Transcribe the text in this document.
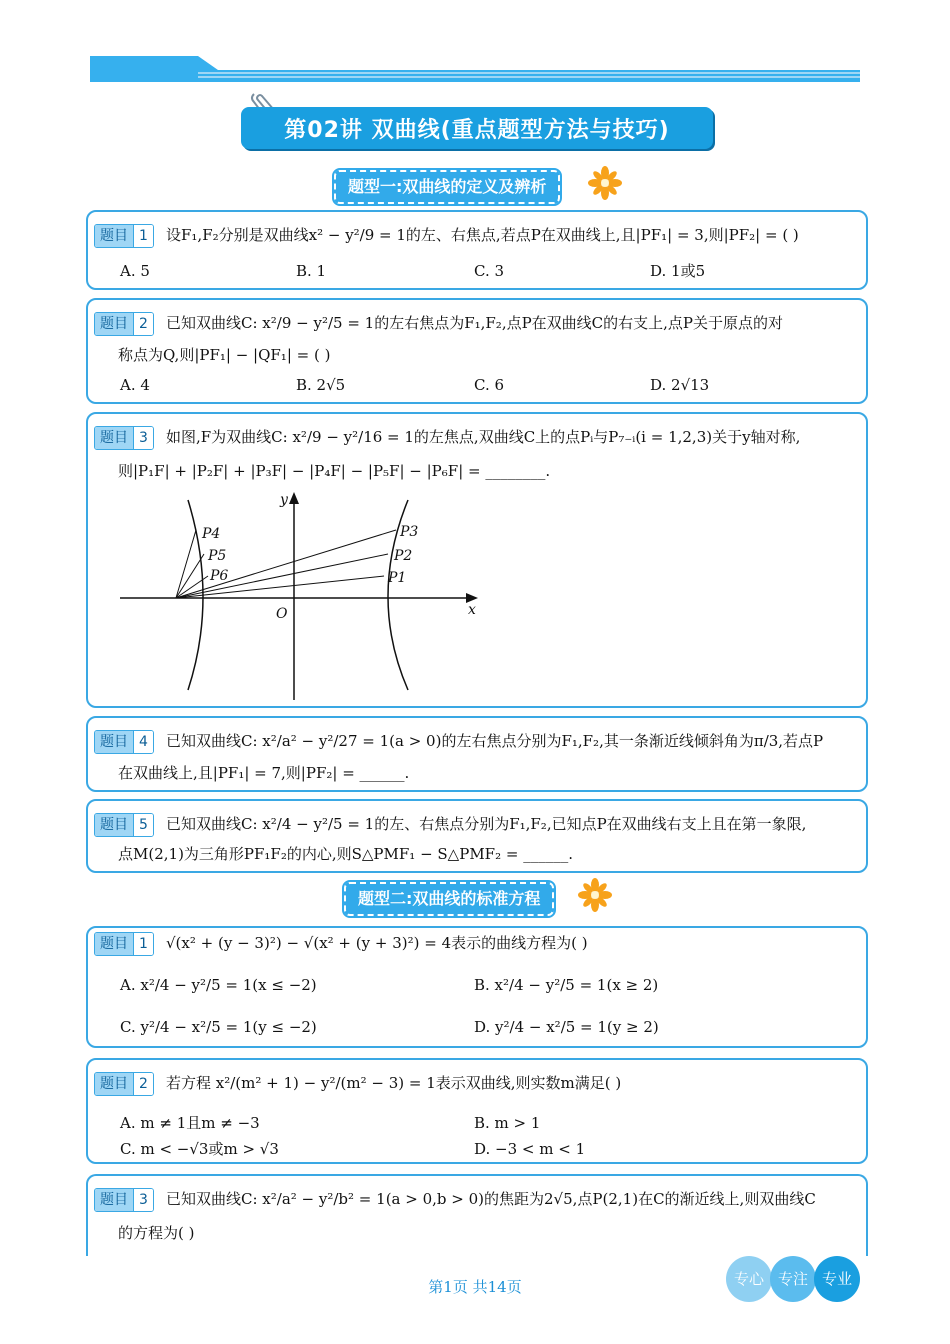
第02讲 双曲线(重点题型方法与技巧)
题型一:双曲线的定义及辨析
题目 1	设F₁,F₂分别是双曲线x² − y²/9 = 1的左、右焦点,若点P在双曲线上,且|PF₁| = 3,则|PF₂| = ( )
A. 5	B. 1	C. 3	D. 1或5
题目 2	已知双曲线C: x²/9 − y²/5 = 1的左右焦点为F₁,F₂,点P在双曲线C的右支上,点P关于原点的对
称点为Q,则|PF₁| − |QF₁| = ( )
A. 4	B. 2√5	C. 6	D. 2√13
题目 3	如图,F为双曲线C: x²/9 − y²/16 = 1的左焦点,双曲线C上的点Pᵢ与P₇₋ᵢ(i = 1,2,3)关于y轴对称,
则|P₁F| + |P₂F| + |P₃F| − |P₄F| − |P₅F| − |P₆F| = ________.
P4
P5
P6
P3
P2
P1
y
x
O
题目 4	已知双曲线C: x²/a² − y²/27 = 1(a > 0)的左右焦点分别为F₁,F₂,其一条渐近线倾斜角为π/3,若点P
在双曲线上,且|PF₁| = 7,则|PF₂| = ______.
题目 5	已知双曲线C: x²/4 − y²/5 = 1的左、右焦点分别为F₁,F₂,已知点P在双曲线右支上且在第一象限,
点M(2,1)为三角形PF₁F₂的内心,则S△PMF₁ − S△PMF₂ = ______.
题型二:双曲线的标准方程
题目 1	√(x² + (y − 3)²) − √(x² + (y + 3)²) = 4表示的曲线方程为( )
A. x²/4 − y²/5 = 1(x ≤ −2)	B. x²/4 − y²/5 = 1(x ≥ 2)
C. y²/4 − x²/5 = 1(y ≤ −2)	D. y²/4 − x²/5 = 1(y ≥ 2)
题目 2	若方程 x²/(m² + 1) − y²/(m² − 3) = 1表示双曲线,则实数m满足( )
A. m ≠ 1且m ≠ −3	B. m > 1
C. m < −√3或m > √3	D. −3 < m < 1
题目 3	已知双曲线C: x²/a² − y²/b² = 1(a > 0,b > 0)的焦距为2√5,点P(2,1)在C的渐近线上,则双曲线C
的方程为( )
第1页 共14页	专心 专注 专业
